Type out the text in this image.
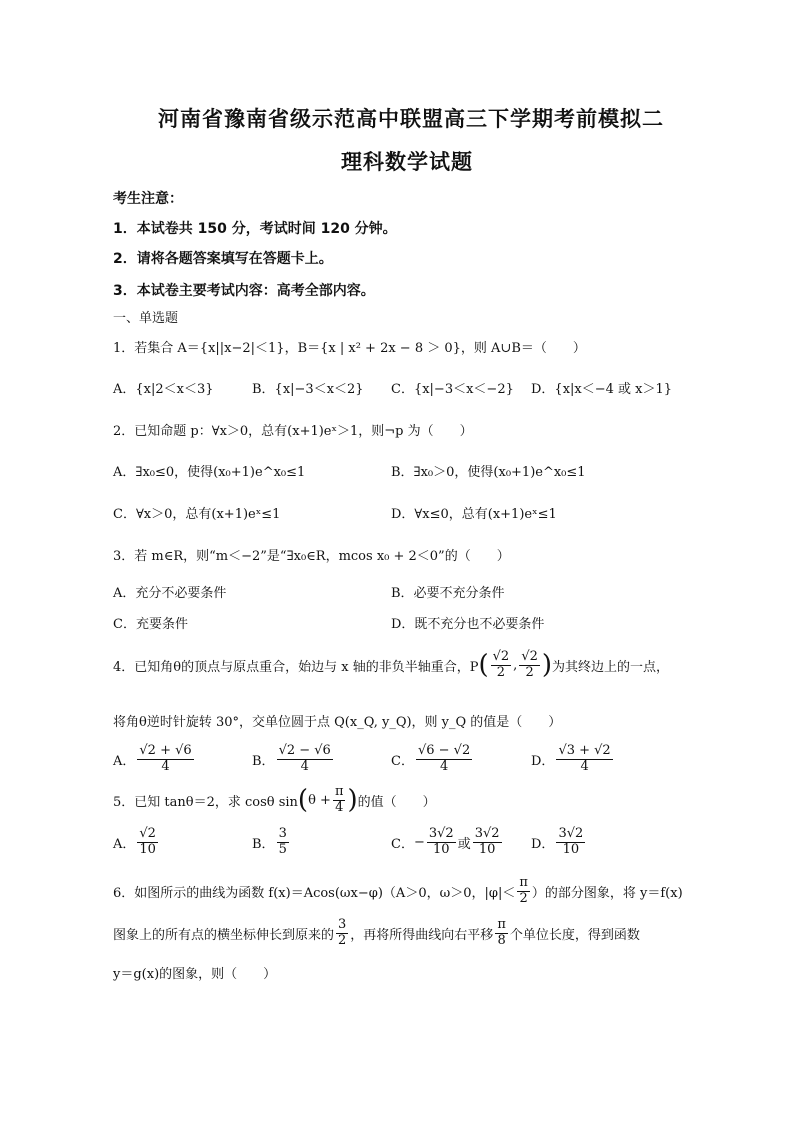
河南省豫南省级示范高中联盟高三下学期考前模拟二
理科数学试题
考生注意：
1．本试卷共 150 分，考试时间 120 分钟。
2．请将各题答案填写在答题卡上。
3．本试卷主要考试内容：高考全部内容。
一、单选题
1．若集合 A＝{x||x−2|＜1}，B＝{x | x² + 2x − 8 ＞ 0}，则 A∪B＝（　　）
A．{x|2＜x＜3}	B．{x|−3＜x＜2} C．{x|−3＜x＜−2} D．{x|x＜−4 或 x＞1}
2．已知命题 p：∀x＞0，总有(x+1)eˣ＞1，则¬p 为（　　）
A．∃x₀≤0，使得(x₀+1)e^x₀≤1	B．∃x₀＞0，使得(x₀+1)e^x₀≤1
C．∀x＞0，总有(x+1)eˣ≤1	D．∀x≤0，总有(x+1)eˣ≤1
3．若 m∈R，则“m＜−2”是“∃x₀∈R，mcos x₀ + 2＜0”的（　　）
A．充分不必要条件	B．必要不充分条件
C．充要条件	D．既不充分也不必要条件
4．已知角θ的顶点与原点重合，始边与 x 轴的非负半轴重合，P ( $\frac{√2}{2}$ , $\frac{√2}{2}$ ) 为其终边上的一点，
将角θ逆时针旋转 30°，交单位圆于点 Q(x_Q, y_Q)，则 y_Q 的值是（　　）
A． $\frac{√2 + √6}{4}$	B． $\frac{√2 - √6}{4}$	C． $\frac{√6 - √2}{4}$	D． $\frac{√3 + √2}{4}$
5．已知 tanθ＝2，求 cosθ sin ( $\theta + \frac{\pi}{4}$ ) 的值（　　）
A． $\frac{√2}{10}$	B． $\frac{3}{5}$	C． − $\frac{3√2}{10}$ 或 $\frac{3√2}{10}$ D． $\frac{3√2}{10}$
6．如图所示的曲线为函数 f(x)＝Acos(ωx−φ)（A＞0，ω＞0，$|\varphi|< \frac{\pi}{2}$ ）的部分图象，将 y＝f(x)
图象上的所有点的横坐标伸长到原来的 $\frac{3}{2}$ ，再将所得曲线向右平移 $\frac{\pi}{8}$ 个单位长度，得到函数
y＝g(x)的图象，则（　　）
